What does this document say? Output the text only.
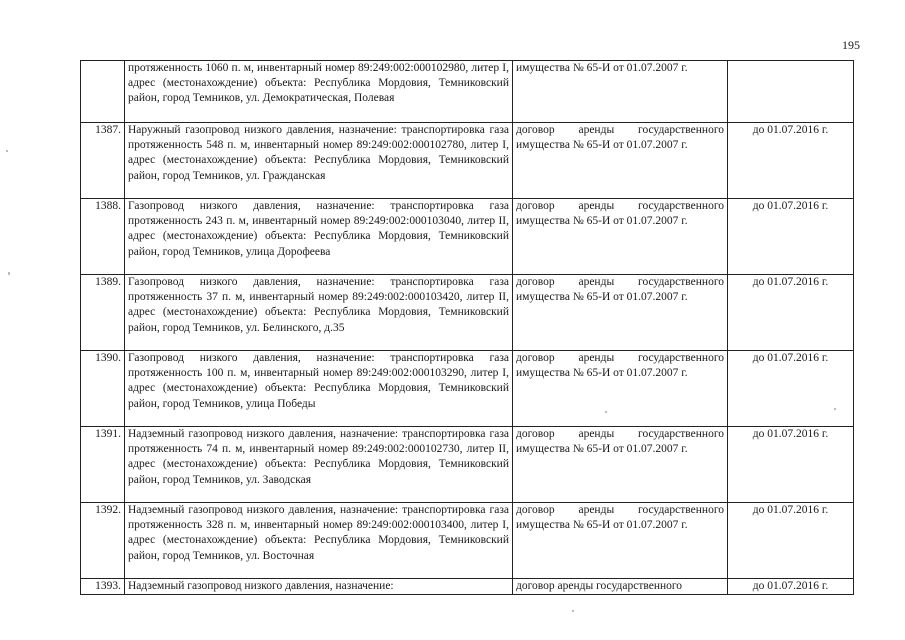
195
	протяженность 1060 п. м, инвентарный номер 89:249:002:000102980, литер I, адрес (местонахождение) объекта: Республика Мордовия, Темниковский район, город Темников, ул. Демократическая, Полевая	имущества № 65-И от 01.07.2007 г.	
1387.	Наружный газопровод низкого давления, назначение: транспортировка газа протяженность 548 п. м, инвентарный номер 89:249:002:000102780, литер I, адрес (местонахождение) объекта: Республика Мордовия, Темниковский район, город Темников, ул. Гражданская	договор аренды государственного имущества № 65-И от 01.07.2007 г.	до 01.07.2016 г.
1388.	Газопровод низкого давления, назначение: транспортировка газа протяженность 243 п. м, инвентарный номер 89:249:002:000103040, литер II, адрес (местонахождение) объекта: Республика Мордовия, Темниковский район, город Темников, улица Дорофеева	договор аренды государственного имущества № 65-И от 01.07.2007 г.	до 01.07.2016 г.
1389.	Газопровод низкого давления, назначение: транспортировка газа протяженность 37 п. м, инвентарный номер 89:249:002:000103420, литер II, адрес (местонахождение) объекта: Республика Мордовия, Темниковский район, город Темников, ул. Белинского, д.35	договор аренды государственного имущества № 65-И от 01.07.2007 г.	до 01.07.2016 г.
1390.	Газопровод низкого давления, назначение: транспортировка газа протяженность 100 п. м, инвентарный номер 89:249:002:000103290, литер I, адрес (местонахождение) объекта: Республика Мордовия, Темниковский район, город Темников, улица Победы	договор аренды государственного имущества № 65-И от 01.07.2007 г.	до 01.07.2016 г.
1391.	Надземный газопровод низкого давления, назначение: транспортировка газа протяженность 74 п. м, инвентарный номер 89:249:002:000102730, литер II, адрес (местонахождение) объекта: Республика Мордовия, Темниковский район, город Темников, ул. Заводская	договор аренды государственного имущества № 65-И от 01.07.2007 г.	до 01.07.2016 г.
1392.	Надземный газопровод низкого давления, назначение: транспортировка газа протяженность 328 п. м, инвентарный номер 89:249:002:000103400, литер I, адрес (местонахождение) объекта: Республика Мордовия, Темниковский район, город Темников, ул. Восточная	договор аренды государственного имущества № 65-И от 01.07.2007 г.	до 01.07.2016 г.
1393.	Надземный газопровод низкого давления, назначение:	договор аренды государственного	до 01.07.2016 г.
